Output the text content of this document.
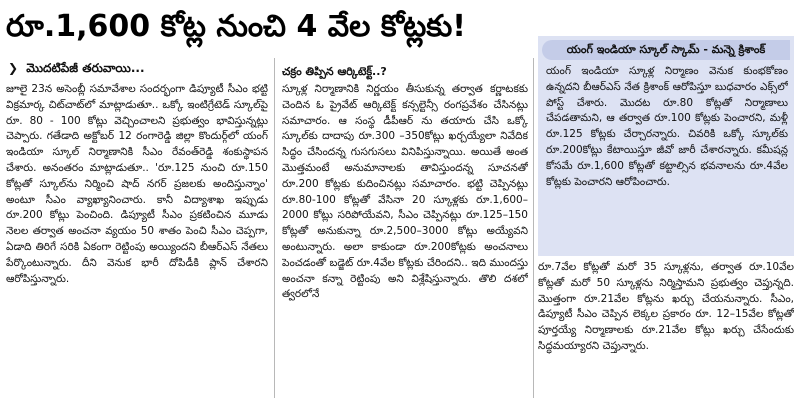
రూ.1,600 కోట్ల నుంచి 4 వేల కోట్లకు!
❯ మొదటిపేజీ తరువాయి...

జూలై 23న అసెంబ్లీ సమావేశాల సందర్భంగా డిప్యూటీ సీఎం భట్టి విక్రమార్క చిట్‌చాట్‌లో మాట్లాడుతూ.. ఒక్కో ఇంటిగ్రేటెడ్ స్కూల్‌పై రూ. 80 - 100 కోట్లు వెచ్చించాలని ప్రభుత్వం భావిస్తున్నట్లు చెప్పారు. గతేడాది అక్టోబర్ 12 రంగారెడ్డి జిల్లా కొందుర్గ్‌లో యంగ్ ఇండియా స్కూల్ నిర్మాణానికి సీఎం రేవంత్‌రెడ్డి శంకుస్థాపన చేశారు. అనంతరం మాట్లాడుతూ.. 'రూ.125 నుంచి రూ.150 కోట్లతో స్కూల్‌ను నిర్మించి షాద్ నగర్ ప్రజలకు అందిస్తున్నాం' అంటూ సీఎం వ్యాఖ్యానించారు. కానీ విద్యాశాఖ ఇప్పుడు రూ.200 కోట్లు పెంచింది. డిప్యూటీ సీఎం ప్రకటించిన మూడు నెలల తర్వాత అంచనా వ్యయం 50 శాతం పెంచి సీఎం చెప్పగా, ఏడాది తిరిగే సరికి ఏకంగా రెట్టింపు అయ్యిందని బీఆర్ఎస్ నేతలు పేర్కొంటున్నారు. దీని వెనుక భారీ దోపిడీకి ప్లాన్ చేశారని ఆరోపిస్తున్నారు.

చక్రం తిప్పిన ఆర్కిటెక్ట్..?

స్కూళ్ల నిర్మాణానికి నిర్ణయం తీసుకున్న తర్వాత కర్ణాటకకు చెందిన ఓ ప్రైవేట్ ఆర్కిటెక్ట్ కన్సల్టెన్సీ రంగప్రవేశం చేసినట్లు సమాచారం. ఆ సంస్థ డీపీఆర్ ను తయారు చేసి ఒక్కో స్కూల్‌కు దాదాపు రూ.300 –350కోట్లు ఖర్చయ్యేలా నివేదిక సిద్ధం చేసిందన్న గుసగుసలు వినిపిస్తున్నాయి. అయితే అంత మొత్తమంటే అనుమానాలకు తావిస్తుందన్న సూచనతో రూ.200 కోట్లకు కుదించినట్లు సమాచారం. భట్టి చెప్పినట్లు రూ.80-100 కోట్లతో వేసినా 20 స్కూళ్లకు రూ.1,600–2000 కోట్లు సరిపోయేవని, సీఎం చెప్పినట్లు రూ.125–150 కోట్లతో అనుకున్నా రూ.2,500–3000 కోట్లు అయ్యేవని అంటున్నారు. అలా కాకుండా రూ.200కోట్లకు అంచనాలు పెంచడంతో బడ్జెట్ రూ.4వేల కోట్లకు చేరిందని.. ఇది ముందస్తు అంచనా కన్నా రెట్టింపు అని విశ్లేషిస్తున్నారు. తొలి దశలో త్వరలోనే

యంగ్ ఇండియా స్కూల్ స్కామ్ - మన్నె క్రిశాంక్

యంగ్ ఇండియా స్కూళ్ల నిర్మాణం వెనుక కుంభకోణం ఉన్నదని బీఆర్ఎస్ నేత క్రిశాంక్ ఆరోపిస్తూ బుధవారం ఎక్స్‌లో పోస్ట్ చేశారు. మొదట రూ.80 కోట్లతో నిర్మాణాలు చేపడతామని, ఆ తర్వాత రూ.100 కోట్లకు పెంచారని, మళ్లీ రూ.125 కోట్లకు చేర్చారన్నారు. చివరికి ఒక్కో స్కూల్‌కు రూ.200కోట్లు కేటాయిస్తూ జీవో జారీ చేశారన్నారు. కమీషన్ల కోసమే రూ.1,600 కోట్లతో కట్టాల్సిన భవనాలను రూ.4వేల కోట్లకు పెంచారని ఆరోపించారు.

రూ.7వేల కోట్లతో మరో 35 స్కూళ్లను, తర్వాత రూ.10వేల కోట్లతో మరో 50 స్కూళ్లను నిర్మిస్తామని ప్రభుత్వం చెప్తున్నది. మొత్తంగా రూ.21వేల కోట్లను ఖర్చు చేయనున్నారు. సీఎం, డిప్యూటీ సీఎం చెప్పిన లెక్కల ప్రకారం రూ. 12–15వేల కోట్లతో పూర్తయ్యే నిర్మాణాలకు రూ.21వేల కోట్లు ఖర్చు చేసేందుకు సిద్ధమయ్యారని చెప్తున్నారు.
